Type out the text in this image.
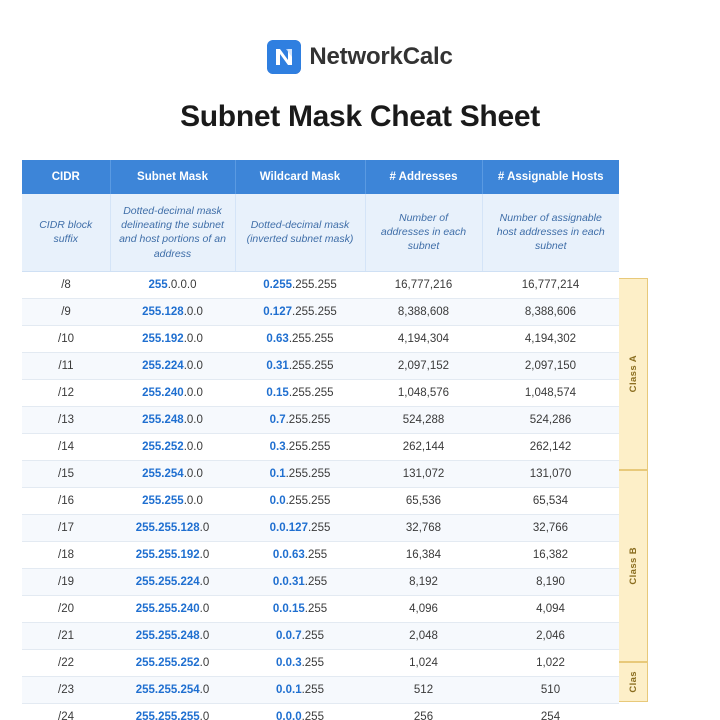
NetworkCalc
Subnet Mask Cheat Sheet
CIDR	Subnet Mask	Wildcard Mask	# Addresses	# Assignable Hosts
CIDR block suffix	Dotted-decimal mask delineating the subnet and host portions of an address	Dotted-decimal mask (inverted subnet mask)	Number of addresses in each subnet	Number of assignable host addresses in each subnet
/8	255.0.0.0	0.255.255.255	16,777,216	16,777,214
/9	255.128.0.0	0.127.255.255	8,388,608	8,388,606
/10	255.192.0.0	0.63.255.255	4,194,304	4,194,302
/11	255.224.0.0	0.31.255.255	2,097,152	2,097,150
/12	255.240.0.0	0.15.255.255	1,048,576	1,048,574
/13	255.248.0.0	0.7.255.255	524,288	524,286
/14	255.252.0.0	0.3.255.255	262,144	262,142
/15	255.254.0.0	0.1.255.255	131,072	131,070
/16	255.255.0.0	0.0.255.255	65,536	65,534
/17	255.255.128.0	0.0.127.255	32,768	32,766
/18	255.255.192.0	0.0.63.255	16,384	16,382
/19	255.255.224.0	0.0.31.255	8,192	8,190
/20	255.255.240.0	0.0.15.255	4,096	4,094
/21	255.255.248.0	0.0.7.255	2,048	2,046
/22	255.255.252.0	0.0.3.255	1,024	1,022
/23	255.255.254.0	0.0.1.255	512	510
/24	255.255.255.0	0.0.0.255	256	254
Class A
Class B
Clas
